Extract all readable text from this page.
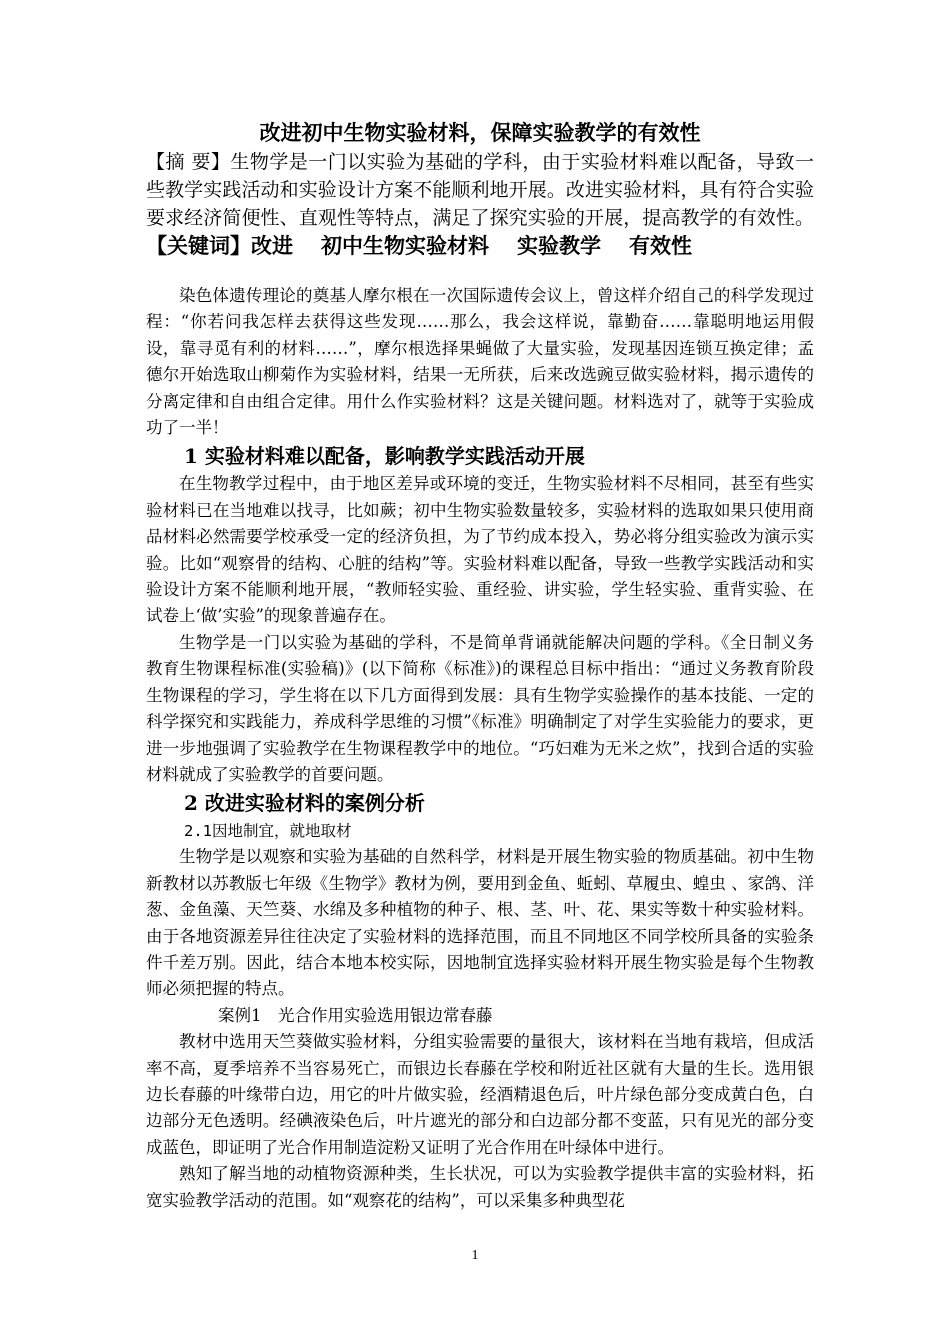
改进初中生物实验材料，保障实验教学的有效性

【摘 要】生物学是一门以实验为基础的学科，由于实验材料难以配备，导致一些教学实践活动和实验设计方案不能顺利地开展。改进实验材料，具有符合实验要求经济简便性、直观性等特点，满足了探究实验的开展，提高教学的有效性。【关键词】改进 初中生物实验材料 实验教学 有效性

染色体遗传理论的奠基人摩尔根在一次国际遗传会议上，曾这样介绍自己的科学发现过程：“你若问我怎样去获得这些发现……那么，我会这样说，靠勤奋……靠聪明地运用假设，靠寻觅有利的材料……”，摩尔根选择果蝇做了大量实验，发现基因连锁互换定律；孟德尔开始选取山柳菊作为实验材料，结果一无所获，后来改选豌豆做实验材料，揭示遗传的分离定律和自由组合定律。用什么作实验材料？这是关键问题。材料选对了，就等于实验成功了一半！

1 实验材料难以配备，影响教学实践活动开展

在生物教学过程中，由于地区差异或环境的变迁，生物实验材料不尽相同，甚至有些实验材料已在当地难以找寻，比如蕨；初中生物实验数量较多，实验材料的选取如果只使用商品材料必然需要学校承受一定的经济负担，为了节约成本投入，势必将分组实验改为演示实验。比如“观察骨的结构、心脏的结构”等。实验材料难以配备，导致一些教学实践活动和实验设计方案不能顺利地开展，“教师轻实验、重经验、讲实验，学生轻实验、重背实验、在试卷上‘做’实验”的现象普遍存在。

生物学是一门以实验为基础的学科，不是简单背诵就能解决问题的学科。《全日制义务教育生物课程标准(实验稿)》(以下简称《标准》)的课程总目标中指出：“通过义务教育阶段生物课程的学习，学生将在以下几方面得到发展：具有生物学实验操作的基本技能、一定的科学探究和实践能力，养成科学思维的习惯”《标准》明确制定了对学生实验能力的要求，更进一步地强调了实验教学在生物课程教学中的地位。“巧妇难为无米之炊”，找到合适的实验材料就成了实验教学的首要问题。

2 改进实验材料的案例分析
2.1因地制宜，就地取材

生物学是以观察和实验为基础的自然科学，材料是开展生物实验的物质基础。初中生物新教材以苏教版七年级《生物学》教材为例，要用到金鱼、蚯蚓、草履虫、蝗虫 、家鸽、洋葱、金鱼藻、天竺葵、水绵及多种植物的种子、根、茎、叶、花、果实等数十种实验材料。由于各地资源差异往往决定了实验材料的选择范围，而且不同地区不同学校所具备的实验条件千差万别。因此，结合本地本校实际，因地制宜选择实验材料开展生物实验是每个生物教师必须把握的特点。

案例1　光合作用实验选用银边常春藤

教材中选用天竺葵做实验材料，分组实验需要的量很大，该材料在当地有栽培，但成活率不高，夏季培养不当容易死亡，而银边长春藤在学校和附近社区就有大量的生长。选用银边长春藤的叶缘带白边，用它的叶片做实验，经酒精退色后，叶片绿色部分变成黄白色，白边部分无色透明。经碘液染色后，叶片遮光的部分和白边部分都不变蓝，只有见光的部分变成蓝色，即证明了光合作用制造淀粉又证明了光合作用在叶绿体中进行。

熟知了解当地的动植物资源种类，生长状况，可以为实验教学提供丰富的实验材料，拓宽实验教学活动的范围。如“观察花的结构”，可以采集多种典型花

1
